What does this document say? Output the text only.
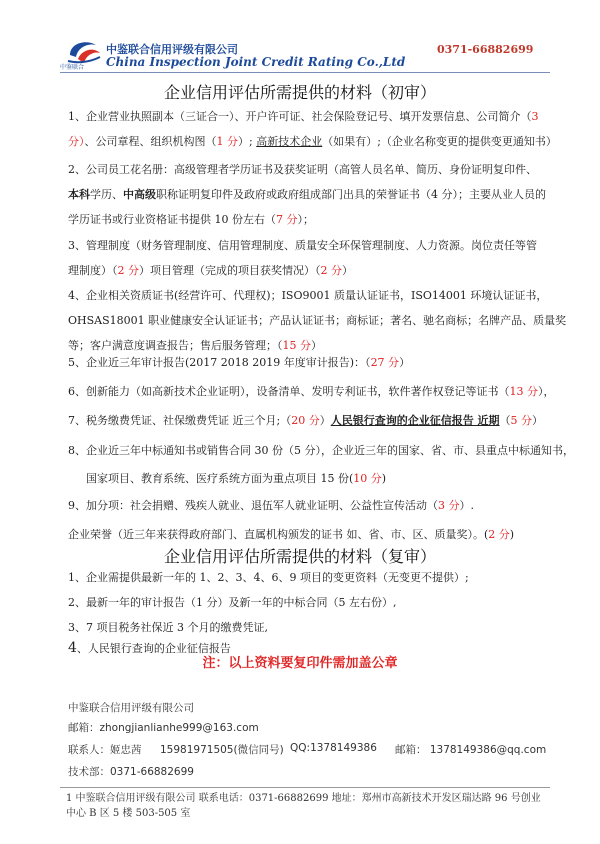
中鉴联合
中鉴联合信用评级有限公司
China Inspection Joint Credit Rating Co.,Ltd
0371-66882699
企业信用评估所需提供的材料（初审）
1、企业营业执照副本（三证合一）、开户许可证、社会保险登记号、填开发票信息、公司简介（3
分）、公司章程、组织机构图（1 分）; 高新技术企业（如果有）;（企业名称变更的提供变更通知书）
2、公司员工花名册：高级管理者学历证书及获奖证明（高管人员名单、简历、身份证明复印件、
本科学历、中高级职称证明复印件及政府或政府组成部门出具的荣誉证书（4 分）；主要从业人员的
学历证书或行业资格证书提供 10 份左右（7 分）；
3、管理制度（财务管理制度、信用管理制度、质量安全环保管理制度、人力资源。岗位责任等管
理制度）（2 分）项目管理（完成的项目获奖情况）（2 分）
4、企业相关资质证书(经营许可、代理权)；ISO9001 质量认证证书，ISO14001 环境认证证书，
OHSAS18001 职业健康安全认证证书；产品认证证书；商标证；著名、驰名商标；名牌产品、质量奖
等；客户满意度调查报告；售后服务管理；（15 分）
5、企业近三年审计报告(2017 2018 2019 年度审计报告)：（27 分）
6、创新能力（如高新技术企业证明），设备清单、发明专利证书，软件著作权登记等证书（13 分），
7、税务缴费凭证、社保缴费凭证 近三个月;（20 分）人民银行查询的企业征信报告 近期（5 分）
8、企业近三年中标通知书或销售合同 30 份（5 分），企业近三年的国家、省、市、县重点中标通知书，
国家项目、教育系统、医疗系统方面为重点项目 15 份(10 分)
9、加分项：社会捐赠、残疾人就业、退伍军人就业证明、公益性宣传活动（3 分）.
企业荣誉（近三年来获得政府部门、直属机构颁发的证书 如、省、市、区、质量奖）。(2 分)
企业信用评估所需提供的材料（复审）
1、企业需提供最新一年的 1、2、3、4、6、9 项目的变更资料（无变更不提供）;
2、最新一年的审计报告（1 分）及新一年的中标合同（5 左右份）,
3、7 项目税务社保近 3 个月的缴费凭证,
4、人民银行查询的企业征信报告
注：以上资料要复印件需加盖公章
中鉴联合信用评级有限公司
邮箱：zhongjianlianhe999@163.com
联系人：姬忠茜 15981971505(微信同号) QQ:1378149386 邮箱： 1378149386@qq.com
技术部：0371-66882699
1 中鉴联合信用评级有限公司 联系电话：0371-66882699 地址：郑州市高新技术开发区瑞达路 96 号创业中心 B 区 5 楼 503-505 室
